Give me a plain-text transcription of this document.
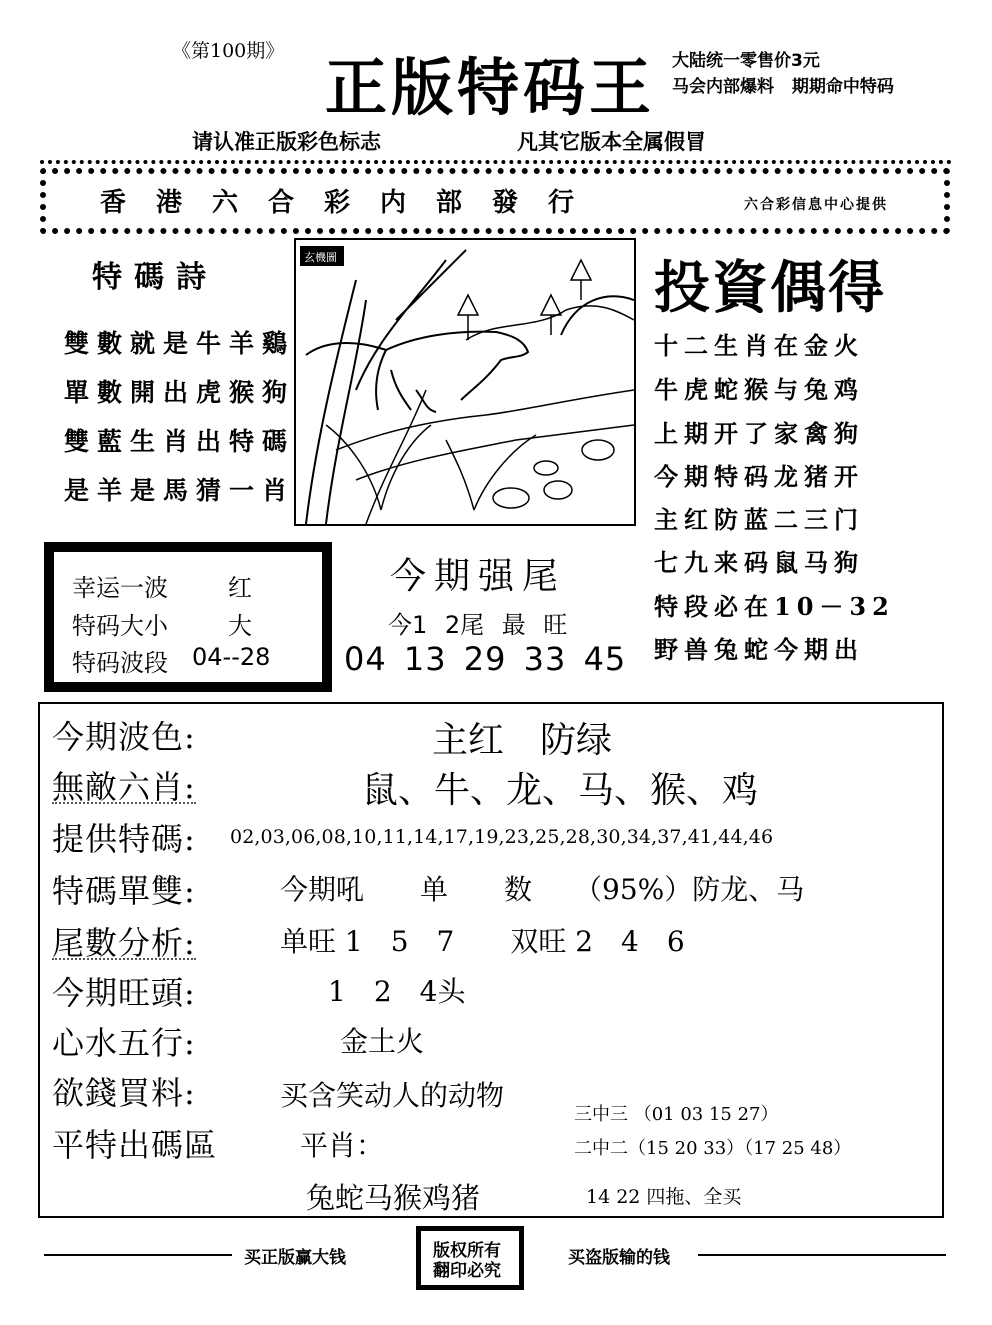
《第100期》 正版特码王 大陆统一零售价3元
马会内部爆料 期期命中特码
请认准正版彩色标志	凡其它版本全属假冒
香港六合彩内部發行	六合彩信息中心提供
特碼詩
雙數就是牛羊鷄
單數開出虎猴狗
雙藍生肖出特碼
是羊是馬猜一肖
玄機圖	投資偶得
十二生肖在金火
牛虎蛇猴与兔鸡
上期开了家禽狗
今期特码龙猪开
主红防蓝二三门
七九来码鼠马狗
特段必在10－32
野兽兔蛇今期出
幸运一波	红
特码大小	大
特码波段 04--28
今期强尾
今1 2尾 最 旺
04 13 29 33 45
今期波色:	主红　防绿
無敵六肖:	鼠、牛、龙、马、猴、鸡
提供特碼: 02,03,06,08,10,11,14,17,19,23,25,28,30,34,37,41,44,46
特碼單雙:	今期吼　　单　　数　　（95%）防龙、马
尾數分析:	单旺 1　5　7　　双旺 2　4　6
今期旺頭:	1　2　4头
心水五行:	金土火
欲錢買料:	买含笑动人的动物
平特出碼區	平肖：
三中三 （01 03 15 27）
二中二（15 20 33）（17 25 48）
兔蛇马猴鸡猪	14 22 四拖、全买
买正版赢大钱	版权所有
翻印必究
买盗版输的钱
